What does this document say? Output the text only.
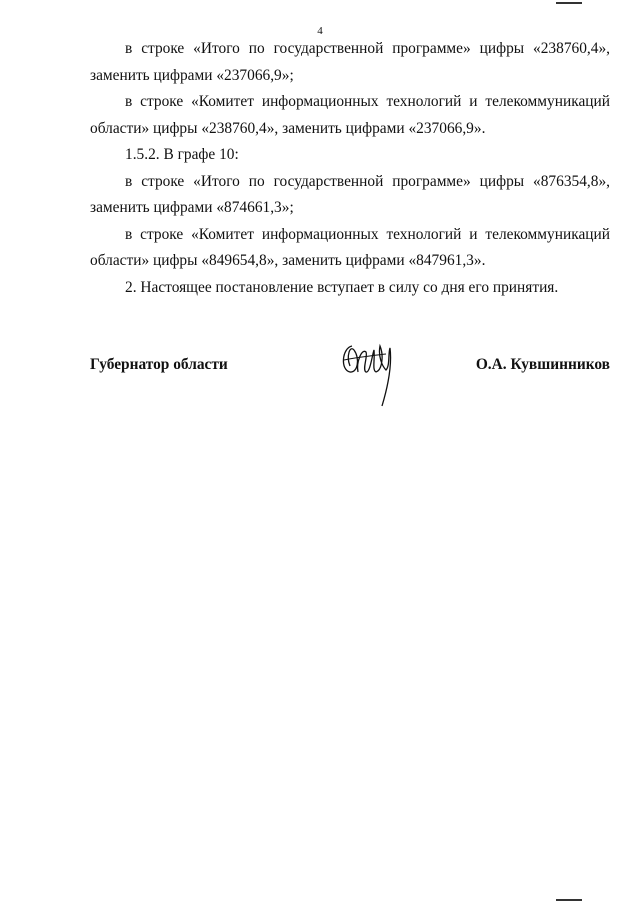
4

в строке «Итого по государственной программе» цифры «238760,4», заменить цифрами «237066,9»;

в строке «Комитет информационных технологий и телекоммуникаций области» цифры «238760,4», заменить цифрами «237066,9».

1.5.2. В графе 10:

в строке «Итого по государственной программе» цифры «876354,8», заменить цифрами «874661,3»;

в строке «Комитет информационных технологий и телекоммуникаций области» цифры «849654,8», заменить цифрами «847961,3».

2. Настоящее постановление вступает в силу со дня его принятия.

Губернатор области	О.А. Кувшинников
